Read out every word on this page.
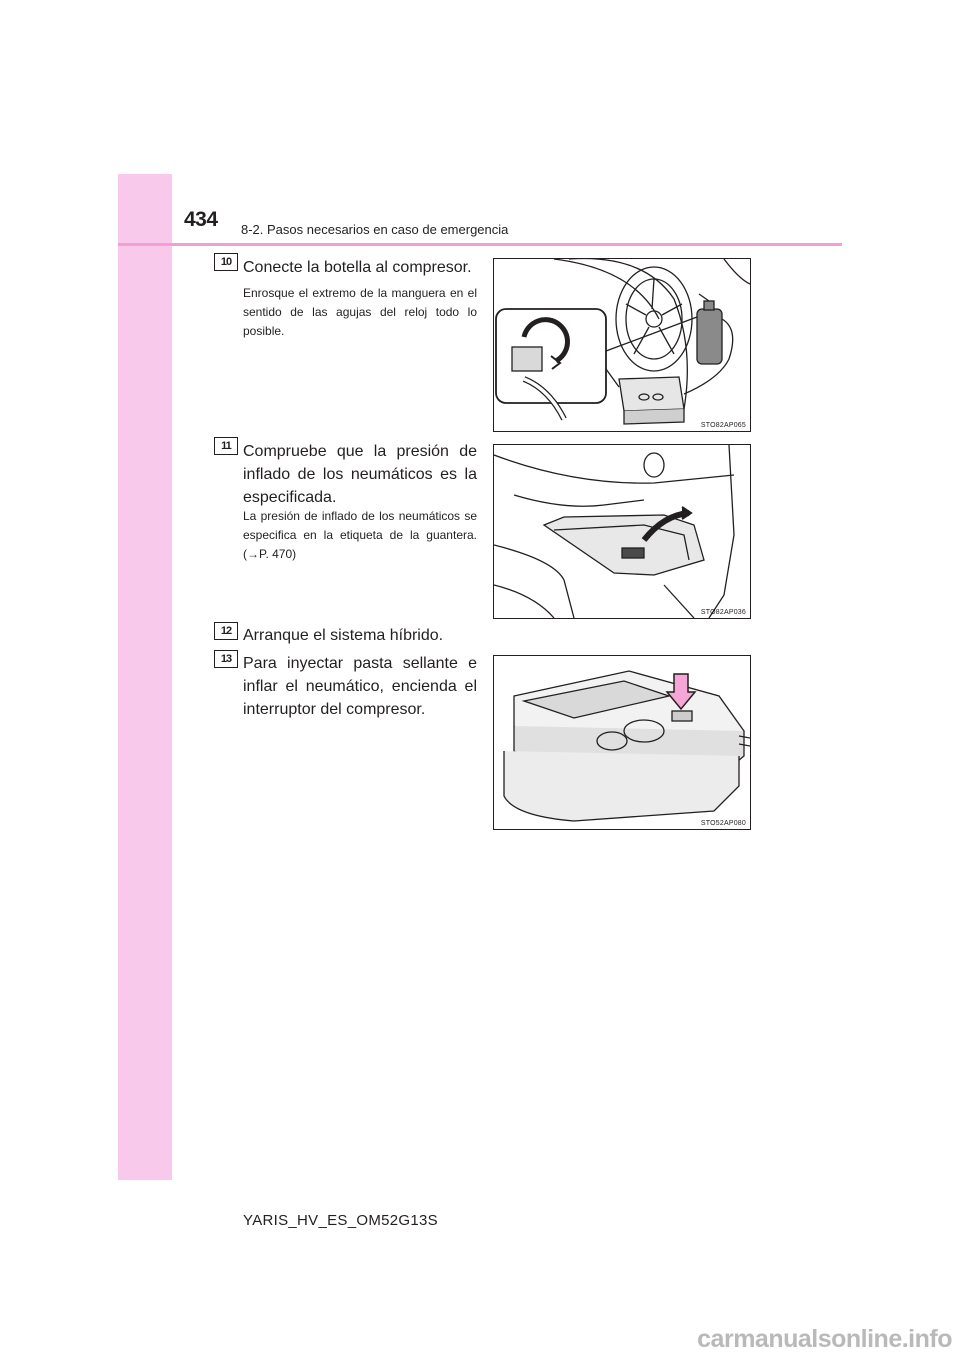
434 8-2. Pasos necesarios en caso de emergencia
10 Conecte la botella al compresor.
Enrosque el extremo de la manguera en el sentido de las agujas del reloj todo lo posible.
STO82AP065
11 Compruebe que la presión de inflado de los neumáticos es la especificada.
La presión de inflado de los neumáticos se especifica en la etiqueta de la guantera. (→P. 470)
STO82AP036
12 Arranque el sistema híbrido.
13 Para inyectar pasta sellante e inflar el neumático, encienda el interruptor del compresor.
STO52AP080
YARIS_HV_ES_OM52G13S
carmanualsonline.info
